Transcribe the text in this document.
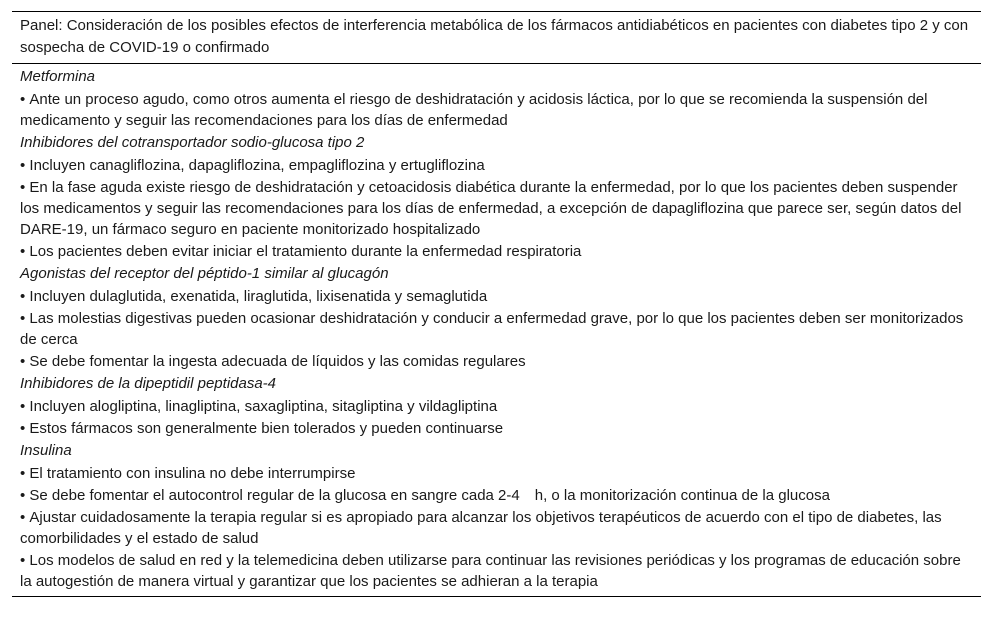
Panel: Consideración de los posibles efectos de interferencia metabólica de los fármacos antidiabéticos en pacientes con diabetes tipo 2 y con sospecha de COVID-19 o confirmado
Metformina
• Ante un proceso agudo, como otros aumenta el riesgo de deshidratación y acidosis láctica, por lo que se recomienda la suspensión del medicamento y seguir las recomendaciones para los días de enfermedad
Inhibidores del cotransportador sodio-glucosa tipo 2
• Incluyen canagliflozina, dapagliflozina, empagliflozina y ertugliflozina
• En la fase aguda existe riesgo de deshidratación y cetoacidosis diabética durante la enfermedad, por lo que los pacientes deben suspender los medicamentos y seguir las recomendaciones para los días de enfermedad, a excepción de dapagliflozina que parece ser, según datos del DARE-19, un fármaco seguro en paciente monitorizado hospitalizado
• Los pacientes deben evitar iniciar el tratamiento durante la enfermedad respiratoria
Agonistas del receptor del péptido-1 similar al glucagón
• Incluyen dulaglutida, exenatida, liraglutida, lixisenatida y semaglutida
• Las molestias digestivas pueden ocasionar deshidratación y conducir a enfermedad grave, por lo que los pacientes deben ser monitorizados de cerca
• Se debe fomentar la ingesta adecuada de líquidos y las comidas regulares
Inhibidores de la dipeptidil peptidasa-4
• Incluyen alogliptina, linagliptina, saxagliptina, sitagliptina y vildagliptina
• Estos fármacos son generalmente bien tolerados y pueden continuarse
Insulina
• El tratamiento con insulina no debe interrumpirse
• Se debe fomentar el autocontrol regular de la glucosa en sangre cada 2-4 h, o la monitorización continua de la glucosa
• Ajustar cuidadosamente la terapia regular si es apropiado para alcanzar los objetivos terapéuticos de acuerdo con el tipo de diabetes, las comorbilidades y el estado de salud
• Los modelos de salud en red y la telemedicina deben utilizarse para continuar las revisiones periódicas y los programas de educación sobre la autogestión de manera virtual y garantizar que los pacientes se adhieran a la terapia
